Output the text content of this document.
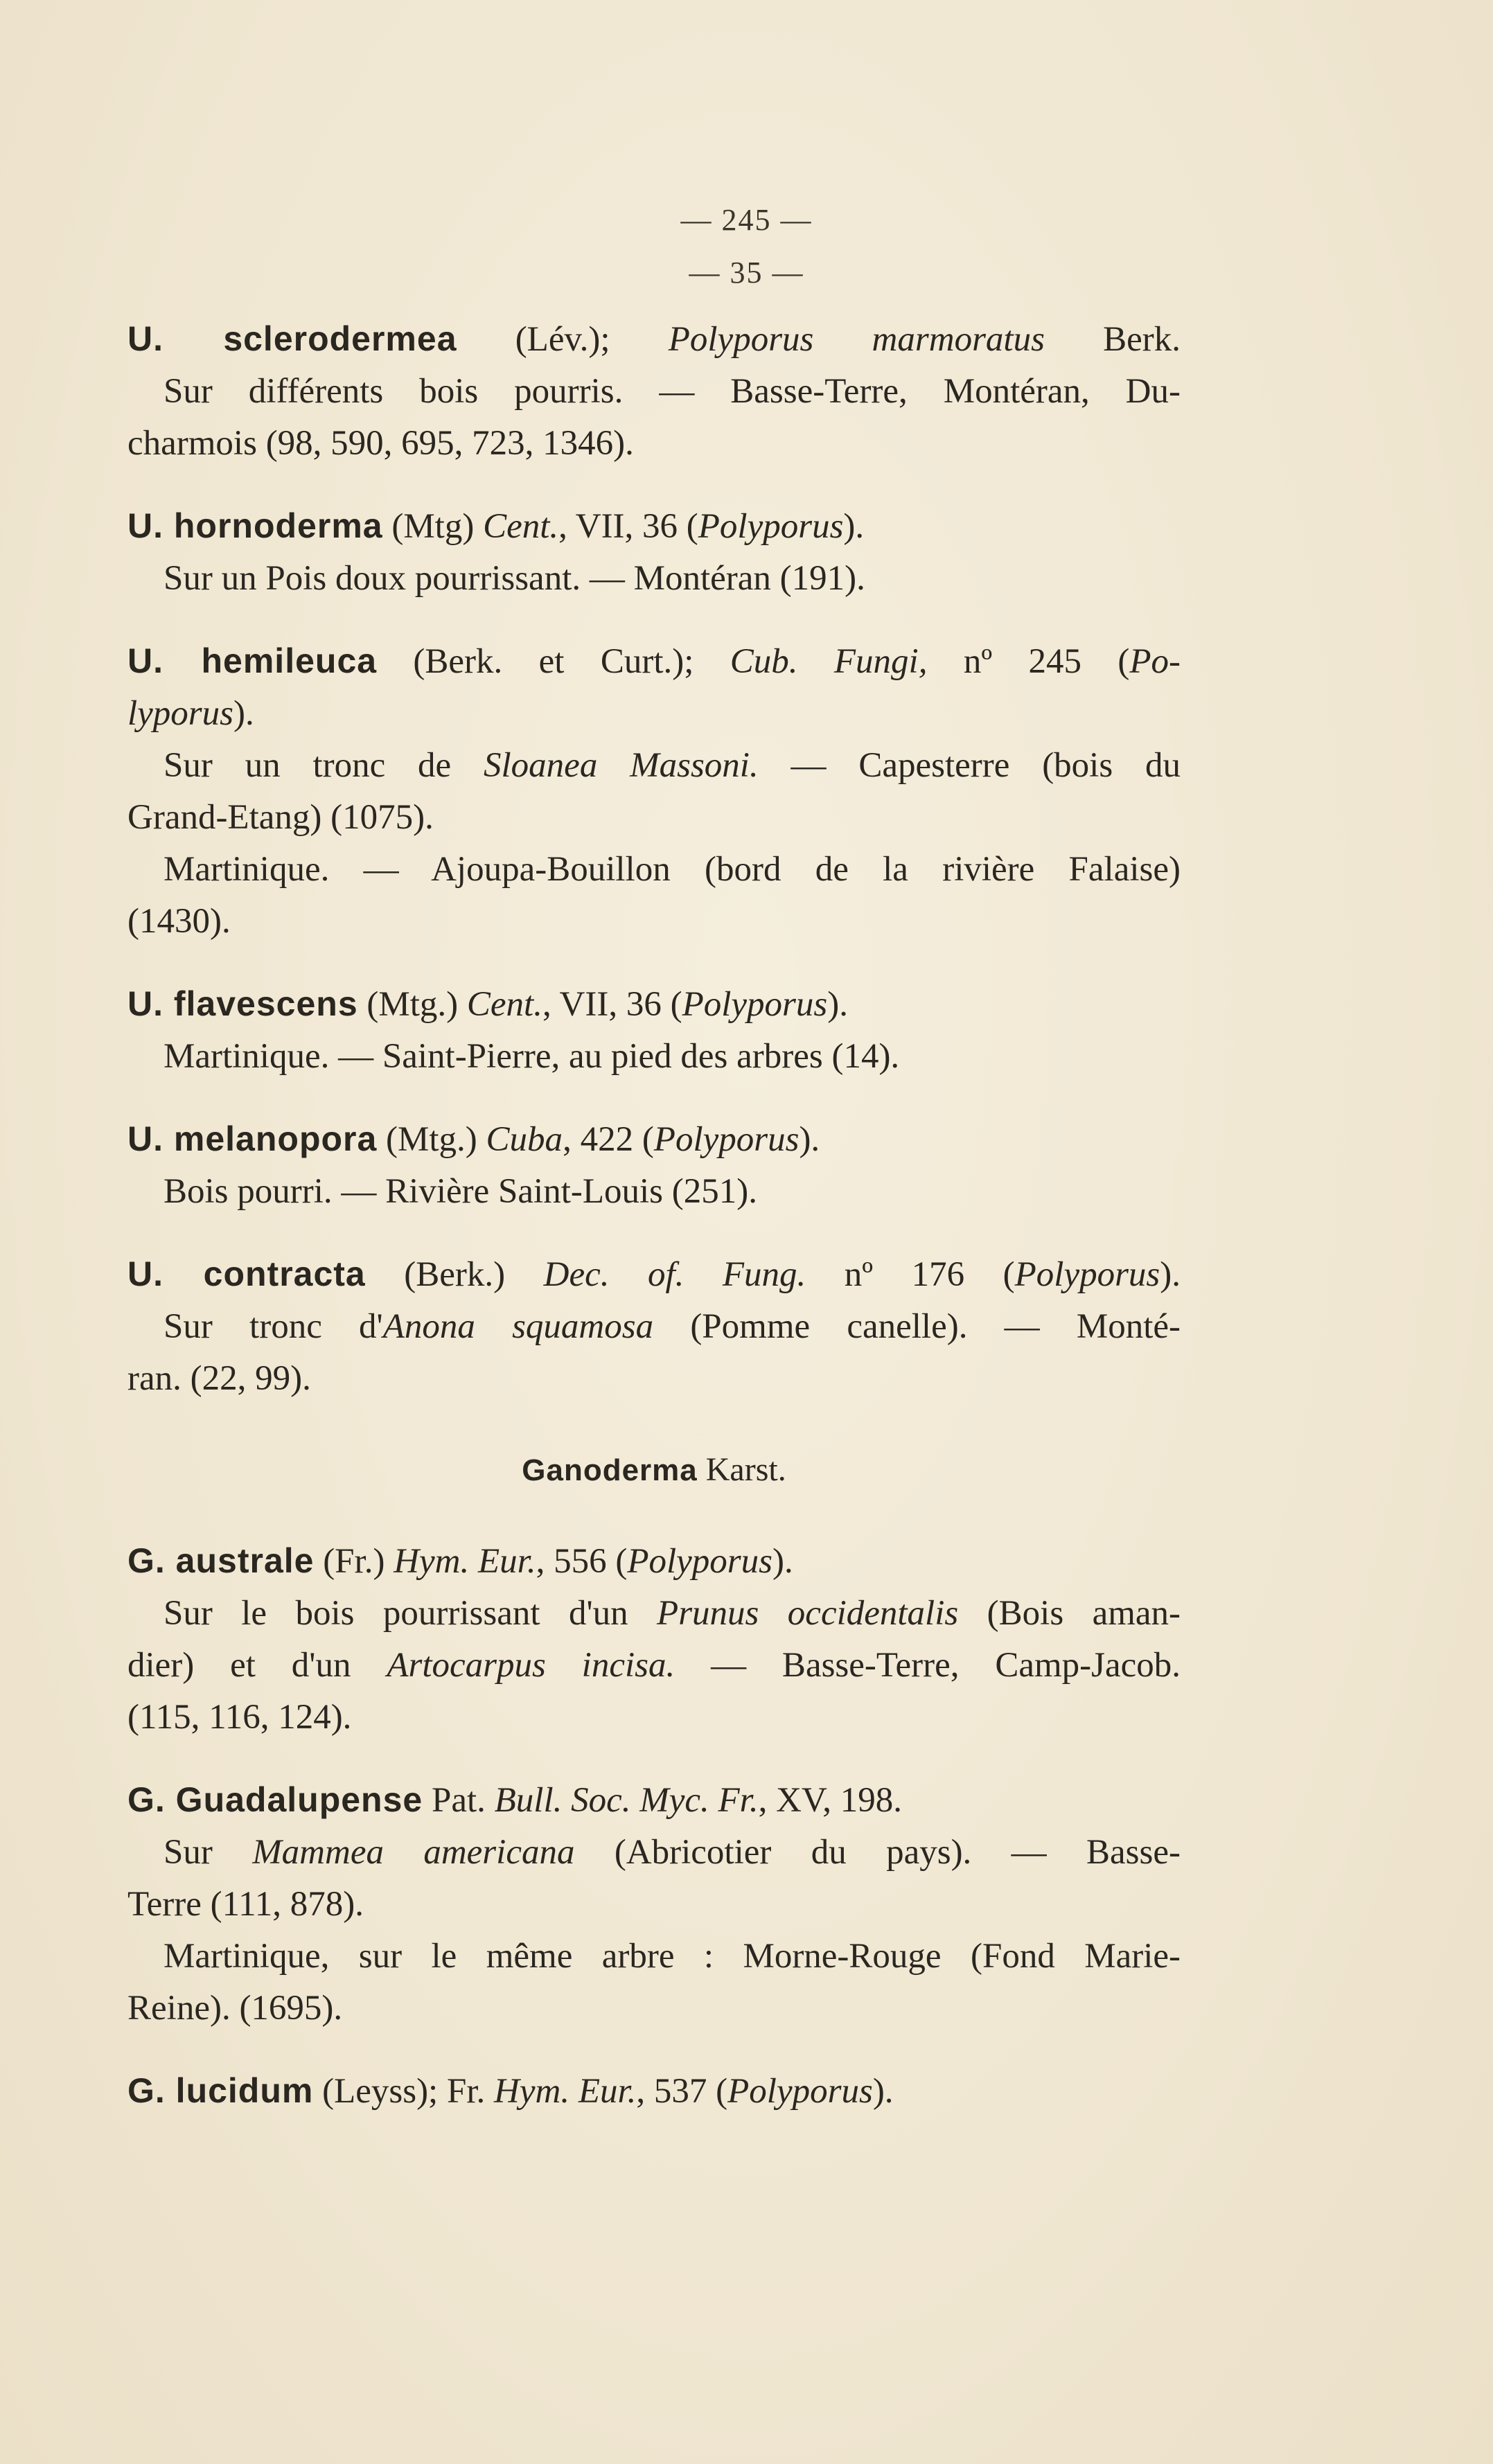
— 245 —
— 35 —

U. sclerodermea (Lév.); Polyporus marmoratus Berk.
Sur différents bois pourris. — Basse-Terre, Montéran, Du-
charmois (98, 590, 695, 723, 1346).

U. hornoderma (Mtg) Cent., VII, 36 (Polyporus).
Sur un Pois doux pourrissant. — Montéran (191).

U. hemileuca (Berk. et Curt.); Cub. Fungi, nº 245 (Po-
lyporus).
Sur un tronc de Sloanea Massoni. — Capesterre (bois du
Grand-Etang) (1075).
Martinique. — Ajoupa-Bouillon (bord de la rivière Falaise)
(1430).

U. flavescens (Mtg.) Cent., VII, 36 (Polyporus).
Martinique. — Saint-Pierre, au pied des arbres (14).

U. melanopora (Mtg.) Cuba, 422 (Polyporus).
Bois pourri. — Rivière Saint-Louis (251).

U. contracta (Berk.) Dec. of. Fung. nº 176 (Polyporus).
Sur tronc d'Anona squamosa (Pomme canelle). — Monté-
ran. (22, 99).

Ganoderma Karst.

G. australe (Fr.) Hym. Eur., 556 (Polyporus).
Sur le bois pourrissant d'un Prunus occidentalis (Bois aman-
dier) et d'un Artocarpus incisa. — Basse-Terre, Camp-Jacob.
(115, 116, 124).

G. Guadalupense Pat. Bull. Soc. Myc. Fr., XV, 198.
Sur Mammea americana (Abricotier du pays). — Basse-
Terre (111, 878).
Martinique, sur le même arbre : Morne-Rouge (Fond Marie-
Reine). (1695).

G. lucidum (Leyss); Fr. Hym. Eur., 537 (Polyporus).
